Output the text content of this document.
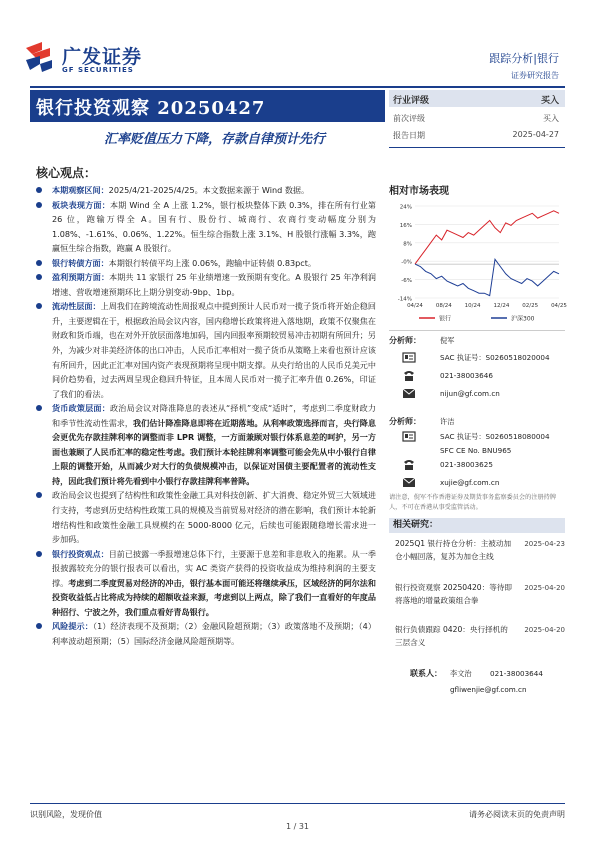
广发证券
GF SECURITIES
跟踪分析|银行
证券研究报告
银行投资观察 20250427
汇率贬值压力下降，存款自律预计先行
行业评级	买入
前次评级	买入
报告日期	2025-04-27
核心观点：

本期观察区间：2025/4/21-2025/4/25。本文数据来源于 Wind 数据。

板块表现方面：本期 Wind 全 A 上涨 1.2%，银行板块整体下跌 0.3%，排在所有行业第 26 位，跑输万得全 A。国有行、股份行、城商行、农商行变动幅度分别为 1.08%、-1.61%、0.06%、1.22%。恒生综合指数上涨 3.1%、H 股银行涨幅 3.3%，跑赢恒生综合指数，跑赢 A 股银行。

银行转债方面：本期银行转债平均上涨 0.06%，跑输中证转债 0.83pct。

盈利预期方面：本期共 11 家银行 25 年业绩增速一致预期有变化。A 股银行 25 年净利润增速、营收增速预期环比上期分别变动-9bp、1bp。

流动性层面：上周我们在跨境流动性周报观点中提到预计人民币对一揽子货币将开始企稳回升，主要逻辑在于，根据政治局会议内容，国内稳增长政策将进入落地期，政策不仅聚焦在财政和货币端，也在对外开放层面落地加码，国内回报率预期较贸易冲击初期有所回升；另外，为减少对非美经济体的出口冲击，人民币汇率相对一揽子货币从策略上来看也预计应该有所回升，因此正汇率对国内资产表现预期将呈现中期支撑。从央行给出的人民币兑美元中间价趋势看，过去两周呈现企稳回升特征，且本周人民币对一揽子汇率升值 0.26%，印证了我们的看法。

货币政策层面：政治局会议对降准降息的表述从“择机”变成“适时”，考虑到二季度财政力和季节性流动性需求，我们估计降准降息即将在近期落地。从利率政策选择而言，央行降息会更优先存款挂牌利率的调整而非 LPR 调整，一方面兼顾对银行体系息差的呵护，另一方面也兼顾了人民币汇率的稳定性考虑。我们预计本轮挂牌利率调整可能会先从中小银行自律上限的调整开始，从而减少对大行的负债规模冲击，以保证对国债主要配置者的流动性支持，因此我们预计将先看到中小银行存款挂牌利率普降。

政治局会议也提到了结构性和政策性金融工具对科技创新、扩大消费、稳定外贸三大领域进行支持，考虑到历史结构性政策工具的规模及当前贸易对经济的潜在影响，我们预计本轮新增结构性和政策性金融工具规模约在 5000-8000 亿元，后续也可能跟随稳增长需求进一步加码。

银行投资观点：目前已披露一季报增速总体下行，主要源于息差和非息收入的拖累。从一季报披露较充分的银行报表可以看出，实 AC 类资产获得的投资收益成为维持利润的主要支撑。考虑到二季度贸易对经济的冲击，银行基本面可能还将继续承压，区域经济的阿尔法和投资收益低占比将成为持续的超额收益来源，考虑到以上两点，除了我们一直看好的年度品种招行、宁波之外，我们重点看好青岛银行。

风险提示：（1）经济表现不及预期；（2）金融风险超预期；（3）政策落地不及预期；（4）利率波动超预期；（5）国际经济金融风险超预期等。

相对市场表现
24%
16%
8%
-0%
-6%
-14%
04/24 08/24 10/24 12/24 02/25 04/25
银行	沪深300
分析师：	倪军
SAC 执证号：S0260518020004
021-38003646
nijun@gf.com.cn
分析师：	许洁
SAC 执证号：S0260518080004
SFC CE No. BNU965
021-38003625
xujie@gf.com.cn
请注意，倪军不作香港证券及期货事务监察委员会的注册持牌人，不可在香港从事受监管活动。
相关研究：
2025Q1 银行持仓分析：主被动加仓小幅回落，复苏为加仓主线
2025-04-23
银行投资观察 20250420：等待即将落地的增量政策组合拳
2025-04-20
银行负债跟踪 0420：央行择机的三层含义
2025-04-20
联系人： 李文治	021-38003644
gfliwenjie@gf.com.cn
识别风险，发现价值	请务必阅读末页的免责声明
1 / 31
